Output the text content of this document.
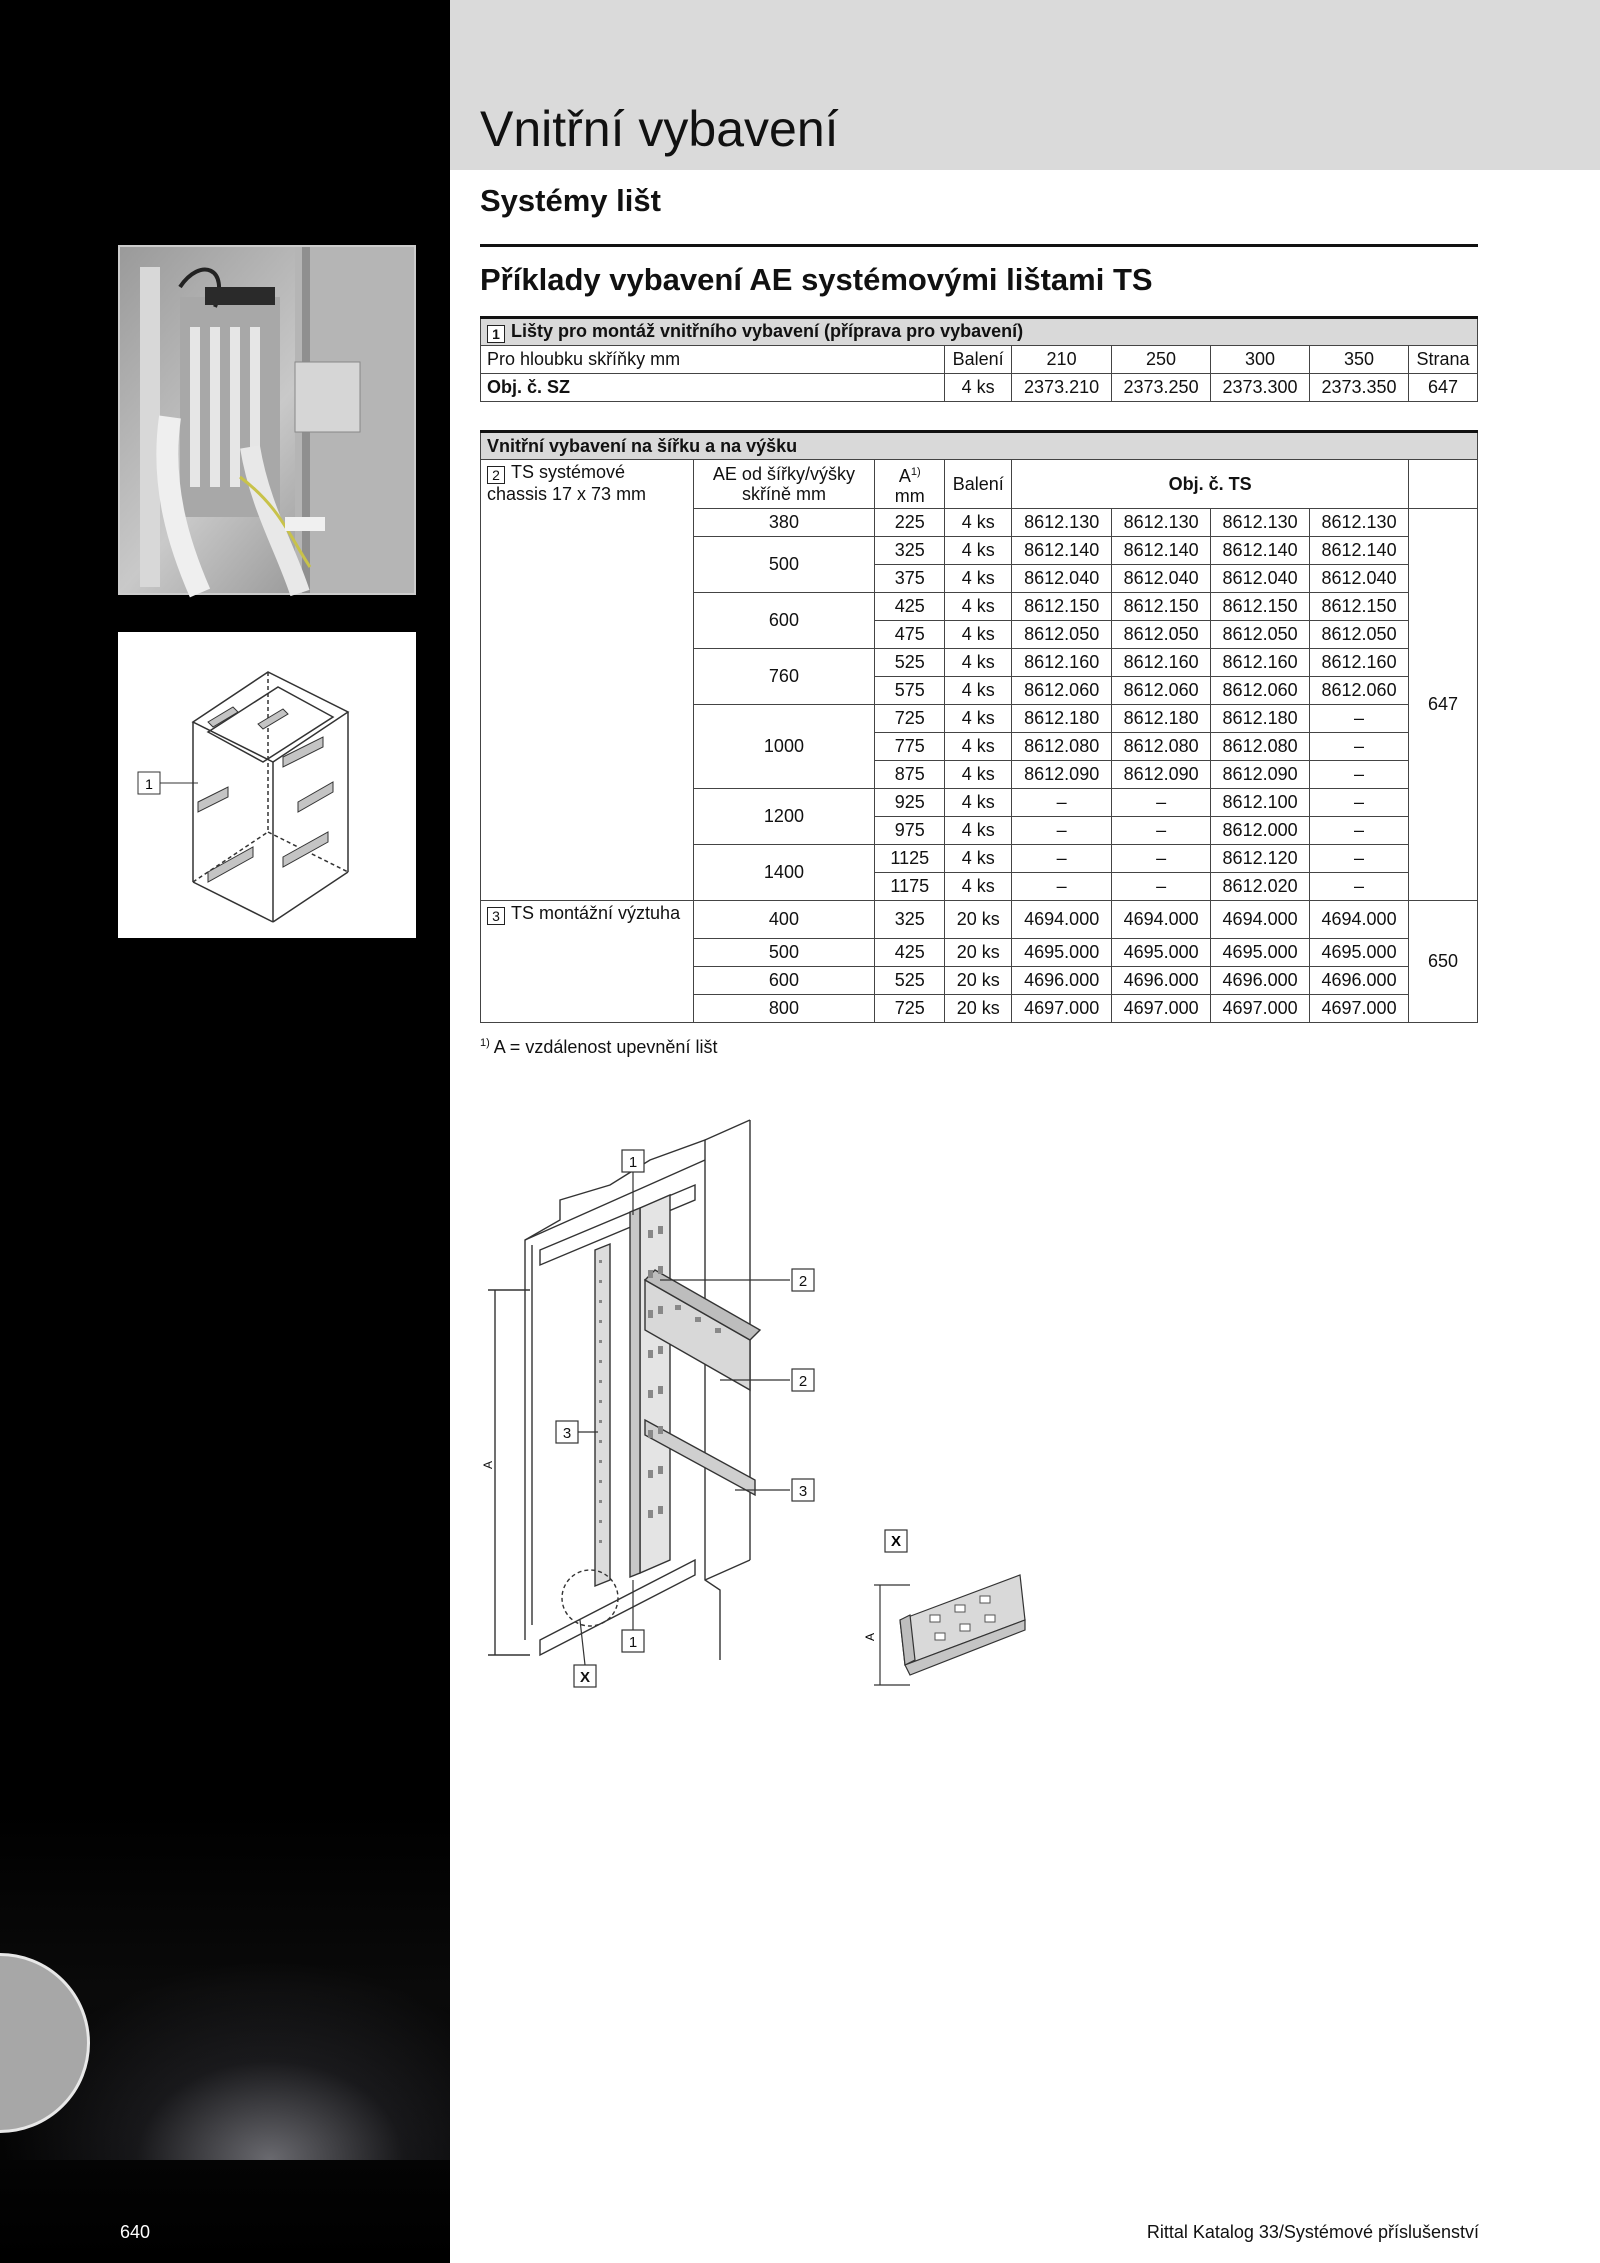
Vnitřní vybavení
Systémy lišt
Příklady vybavení AE systémovými lištami TS
1
1 Lišty pro montáž vnitřního vybavení (příprava pro vybavení)						
Pro hloubku skříňky mm	Balení	210	250	300	350	Strana
Obj. č. SZ	4 ks	2373.210	2373.250	2373.300	2373.350	647
Vnitřní vybavení na šířku a na výšku								
2 TS systémové chassis 17 x 73 mm	AE od šířky/výšky skříně mm	$A^{1)}$
mm	Balení	Obj. č. TS				

	380	225	4 ks	8612.130	8612.130	8612.130	8612.130	647
	500	325	4 ks	8612.140	8612.140	8612.140	8612.140	
		375	4 ks	8612.040	8612.040	8612.040	8612.040	
	600	425	4 ks	8612.150	8612.150	8612.150	8612.150	
		475	4 ks	8612.050	8612.050	8612.050	8612.050	
	760	525	4 ks	8612.160	8612.160	8612.160	8612.160	
		575	4 ks	8612.060	8612.060	8612.060	8612.060	
	1000	725	4 ks	8612.180	8612.180	8612.180	–	
		775	4 ks	8612.080	8612.080	8612.080	–	
		875	4 ks	8612.090	8612.090	8612.090	–	
	1200	925	4 ks	–	–	8612.100	–	
		975	4 ks	–	–	8612.000	–	
	1400	1125	4 ks	–	–	8612.120	–	
		1175	4 ks	–	–	8612.020	–	
3 TS montážní výztuha	400	325	20 ks	4694.000	4694.000	4694.000	4694.000	650
	500	425	20 ks	4695.000	4695.000	4695.000	4695.000	
	600	525	20 ks	4696.000	4696.000	4696.000	4696.000	
	800	725	20 ks	4697.000	4697.000	4697.000	4697.000	
$^{1)}$ A = vzdálenost upevnění lišt
1
2
2
3
3
1
X
A
X
A
640	Rittal Katalog 33/Systémové příslušenství
